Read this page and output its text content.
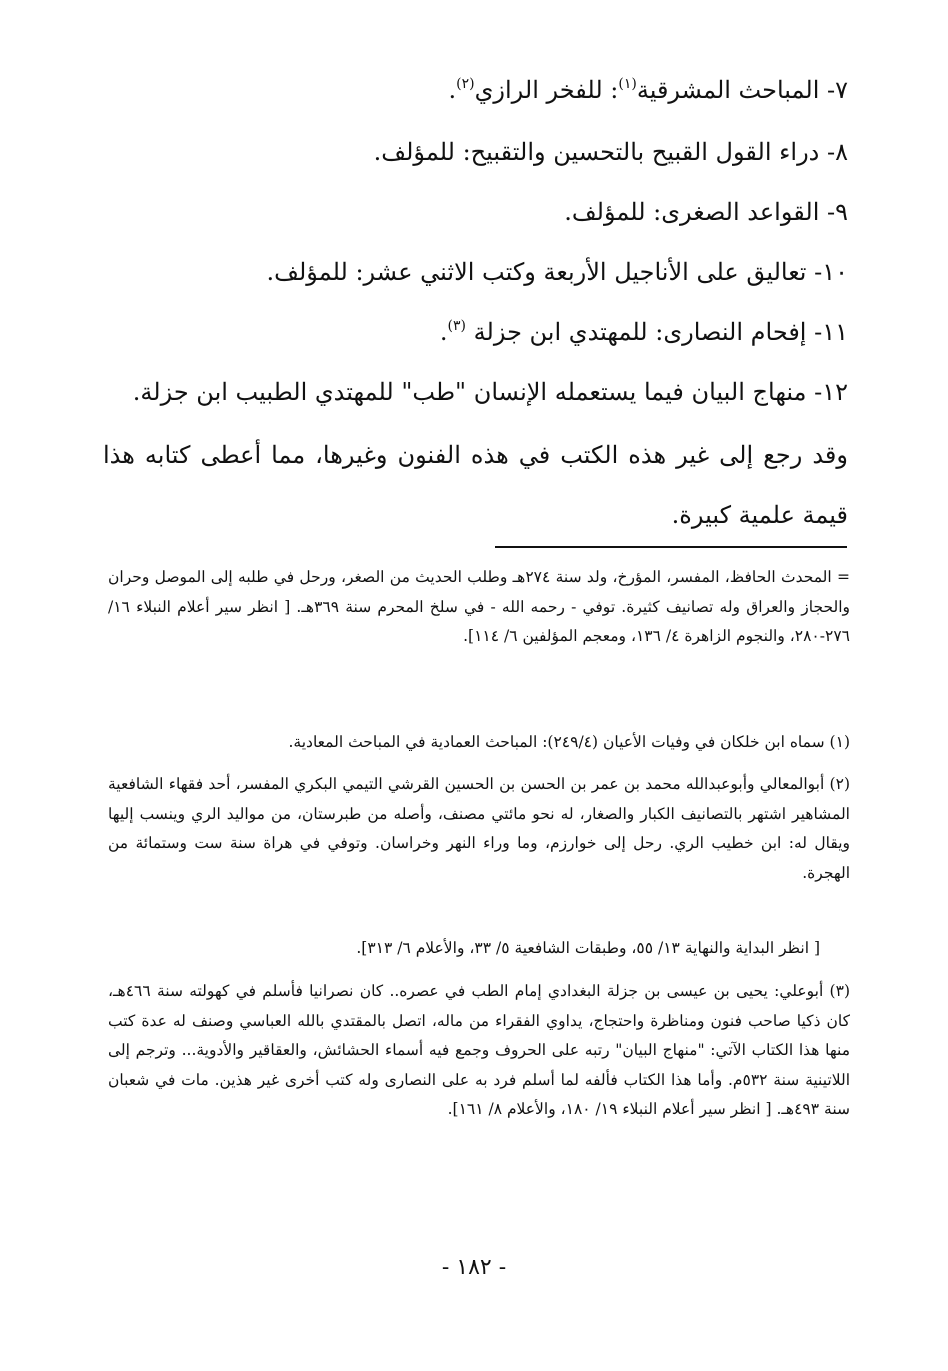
٧- المباحث المشرقية$^{(١)}$: للفخر الرازي$^{(٢)}$.
٨- دراء القول القبيح بالتحسين والتقبيح: للمؤلف.
٩- القواعد الصغرى: للمؤلف.
١٠- تعاليق على الأناجيل الأربعة وكتب الاثني عشر: للمؤلف.
١١- إفحام النصارى: للمهتدي ابن جزلة $^{(٣)}$.
١٢- منهاج البيان فيما يستعمله الإنسان "طب" للمهتدي الطبيب ابن جزلة.
وقد رجع إلى غير هذه الكتب في هذه الفنون وغيرها، مما أعطى كتابه هذا قيمة علمية كبيرة.
= المحدث الحافظ، المفسر، المؤرخ، ولد سنة ٢٧٤هـ وطلب الحديث من الصغر، ورحل في طلبه إلى الموصل وحران والحجاز والعراق وله تصانيف كثيرة. توفي - رحمه الله - في سلخ المحرم سنة ٣٦٩هـ. [ انظر سير أعلام النبلاء ١٦/ ٢٧٦-٢٨٠، والنجوم الزاهرة ٤/ ١٣٦، ومعجم المؤلفين ٦/ ١١٤].
(١) سماه ابن خلكان في وفيات الأعيان (٢٤٩/٤): المباحث العمادية في المباحث المعادية.
(٢) أبوالمعالي وأبوعبدالله محمد بن عمر بن الحسن بن الحسين القرشي التيمي البكري المفسر، أحد فقهاء الشافعية المشاهير اشتهر بالتصانيف الكبار والصغار، له نحو مائتي مصنف، وأصله من طبرستان، من مواليد الري وينسب إليها ويقال له: ابن خطيب الري. رحل إلى خوارزم، وما وراء النهر وخراسان. وتوفي في هراة سنة ست وستمائة من الهجرة.
[ انظر البداية والنهاية ١٣/ ٥٥، وطبقات الشافعية ٥/ ٣٣، والأعلام ٦/ ٣١٣].
(٣) أبوعلي: يحيى بن عيسى بن جزلة البغدادي إمام الطب في عصره.. كان نصرانيا فأسلم في كهولته سنة ٤٦٦هـ، كان ذكيا صاحب فنون ومناظرة واحتجاج، يداوي الفقراء من ماله، اتصل بالمقتدي بالله العباسي وصنف له عدة كتب منها هذا الكتاب الآتي: "منهاج البيان" رتبه على الحروف وجمع فيه أسماء الحشائش، والعقاقير والأدوية... وترجم إلى اللاتينية سنة ٥٣٢م. وأما هذا الكتاب فألفه لما أسلم فرد به على النصارى وله كتب أخرى غير هذين. مات في شعبان سنة ٤٩٣هـ. [ انظر سير أعلام النبلاء ١٩/ ١٨٠، والأعلام ٨/ ١٦١].
- ١٨٢ -
